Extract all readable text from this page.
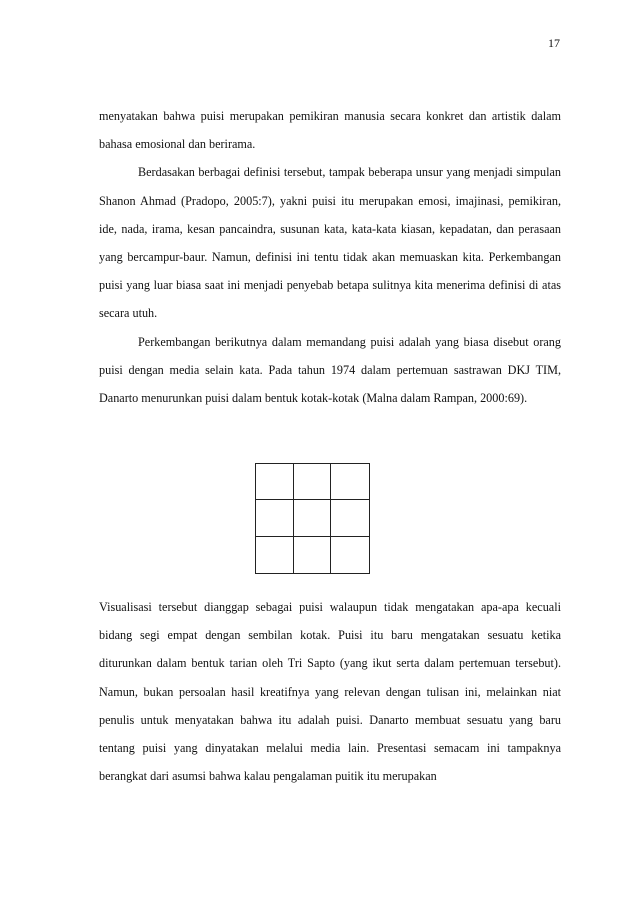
17

menyatakan bahwa puisi merupakan pemikiran manusia secara konkret dan artistik dalam bahasa emosional dan berirama.

Berdasakan berbagai definisi tersebut, tampak beberapa unsur yang menjadi simpulan Shanon Ahmad (Pradopo, 2005:7), yakni puisi itu merupakan emosi, imajinasi, pemikiran, ide, nada, irama, kesan pancaindra, susunan kata, kata-kata kiasan, kepadatan, dan perasaan yang bercampur-baur. Namun, definisi ini tentu tidak akan memuaskan kita. Perkembangan puisi yang luar biasa saat ini menjadi penyebab betapa sulitnya kita menerima definisi di atas secara utuh.

Perkembangan berikutnya dalam memandang puisi adalah yang biasa disebut orang puisi dengan media selain kata. Pada tahun 1974 dalam pertemuan sastrawan DKJ TIM, Danarto menurunkan puisi dalam bentuk kotak-kotak (Malna dalam Rampan, 2000:69).

Visualisasi tersebut dianggap sebagai puisi walaupun tidak mengatakan apa-apa kecuali bidang segi empat dengan sembilan kotak. Puisi itu baru mengatakan sesuatu ketika diturunkan dalam bentuk tarian oleh Tri Sapto (yang ikut serta dalam pertemuan tersebut). Namun, bukan persoalan hasil kreatifnya yang relevan dengan tulisan ini, melainkan niat penulis untuk menyatakan bahwa itu adalah puisi. Danarto membuat sesuatu yang baru tentang puisi yang dinyatakan melalui media lain. Presentasi semacam ini tampaknya berangkat dari asumsi bahwa kalau pengalaman puitik itu merupakan
